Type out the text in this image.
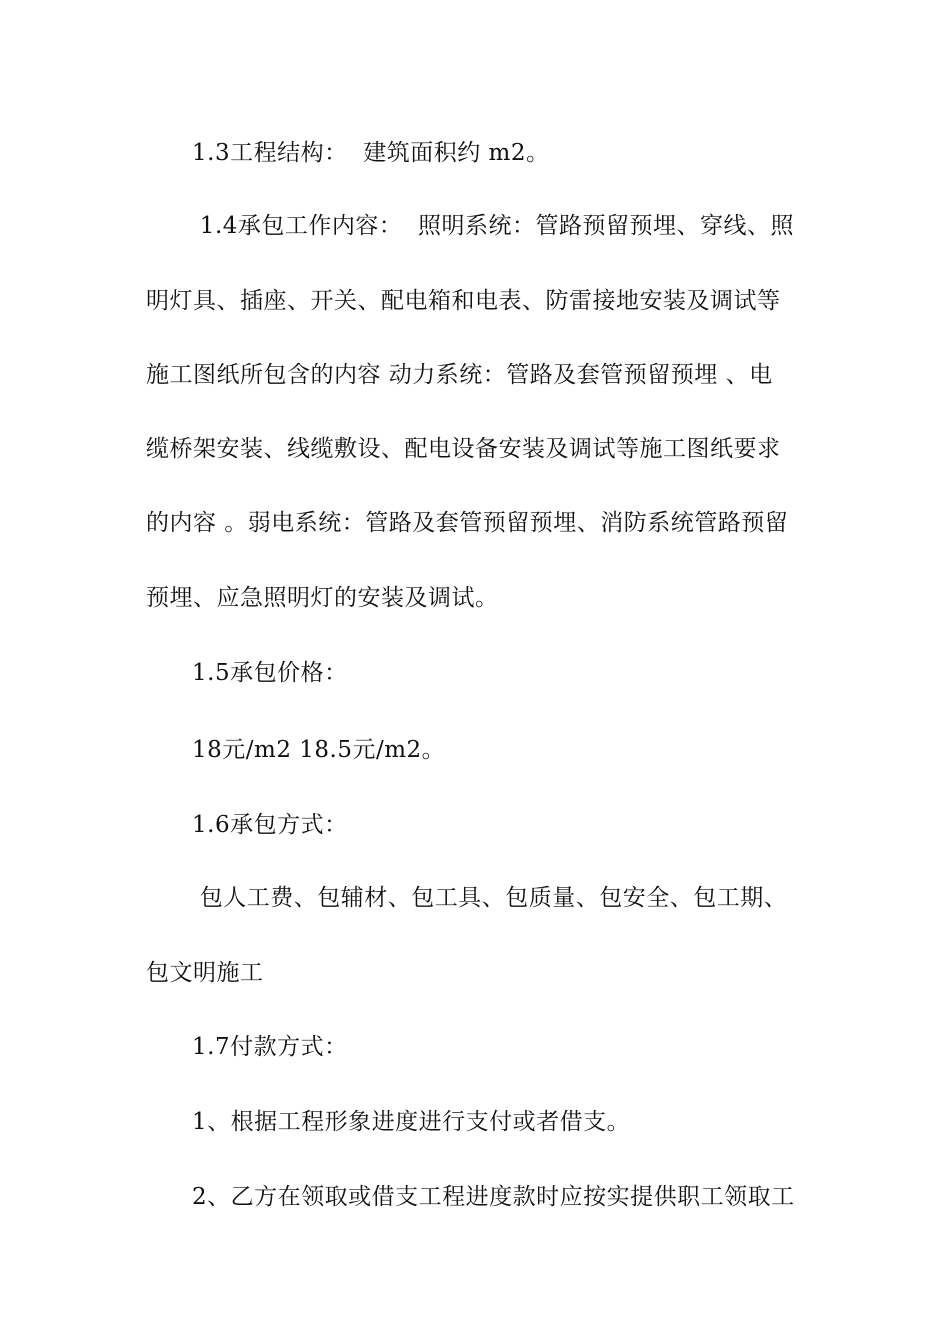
1.3工程结构：  建筑面积约 m2。
1.4承包工作内容：  照明系统：管路预留预埋、穿线、照
明灯具、插座、开关、配电箱和电表、防雷接地安装及调试等
施工图纸所包含的内容 动力系统：管路及套管预留预埋 、电
缆桥架安装、线缆敷设、配电设备安装及调试等施工图纸要求
的内容 。弱电系统：管路及套管预留预埋、消防系统管路预留
预埋、应急照明灯的安装及调试。
1.5承包价格：
18元/m2 18.5元/m2。
1.6承包方式：
包人工费、包辅材、包工具、包质量、包安全、包工期、
包文明施工
1.7付款方式：
1、根据工程形象进度进行支付或者借支。
2、乙方在领取或借支工程进度款时应按实提供职工领取工
